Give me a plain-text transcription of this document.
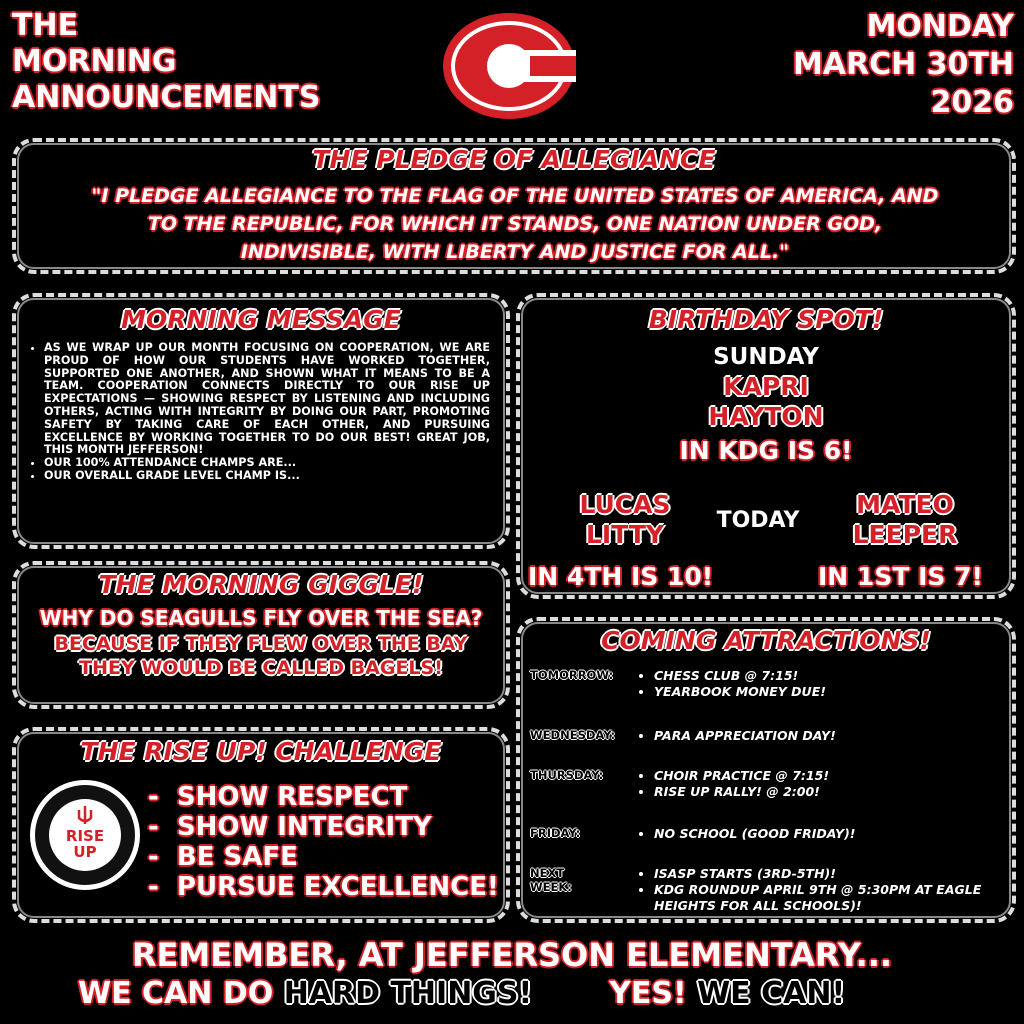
THE
MORNING
ANNOUNCEMENTS
MONDAY
MARCH 30TH
2026
THE PLEDGE OF ALLEGIANCE
"I PLEDGE ALLEGIANCE TO THE FLAG OF THE UNITED STATES OF AMERICA, AND
TO THE REPUBLIC, FOR WHICH IT STANDS, ONE NATION UNDER GOD,
INDIVISIBLE, WITH LIBERTY AND JUSTICE FOR ALL."
MORNING MESSAGE
• AS WE WRAP UP OUR MONTH FOCUSING ON COOPERATION, WE ARE PROUD OF HOW OUR STUDENTS HAVE WORKED TOGETHER, SUPPORTED ONE ANOTHER, AND SHOWN WHAT IT MEANS TO BE A TEAM. COOPERATION CONNECTS DIRECTLY TO OUR RISE UP EXPECTATIONS — SHOWING RESPECT BY LISTENING AND INCLUDING OTHERS, ACTING WITH INTEGRITY BY DOING OUR PART, PROMOTING SAFETY BY TAKING CARE OF EACH OTHER, AND PURSUING EXCELLENCE BY WORKING TOGETHER TO DO OUR BEST! GREAT JOB, THIS MONTH JEFFERSON!
• OUR 100% ATTENDANCE CHAMPS ARE...
• OUR OVERALL GRADE LEVEL CHAMP IS...
BIRTHDAY SPOT!
SUNDAY
KAPRI
HAYTON
IN KDG IS 6!
LUCAS
LITTY	TODAY
MATEO
LEEPER
IN 4TH IS 10!	IN 1ST IS 7!
THE MORNING GIGGLE!
WHY DO SEAGULLS FLY OVER THE SEA?
BECAUSE IF THEY FLEW OVER THE BAY
THEY WOULD BE CALLED BAGELS!
THE RISE UP! CHALLENGE
RISE UP
-  SHOW RESPECT
-  SHOW INTEGRITY
-  BE SAFE
-  PURSUE EXCELLENCE!
COMING ATTRACTIONS!
TOMORROW:	• CHESS CLUB @ 7:15!
• YEARBOOK MONEY DUE!
WEDNESDAY:	• PARA APPRECIATION DAY!
THURSDAY:	• CHOIR PRACTICE @ 7:15!
• RISE UP RALLY! @ 2:00!
FRIDAY:	• NO SCHOOL (GOOD FRIDAY)!
NEXT WEEK:
• ISASP STARTS (3RD-5TH)!
• KDG ROUNDUP APRIL 9TH @ 5:30PM AT EAGLE HEIGHTS FOR ALL SCHOOLS)!
REMEMBER, AT JEFFERSON ELEMENTARY...
WE CAN DO HARD THINGS!	YES! WE CAN!
